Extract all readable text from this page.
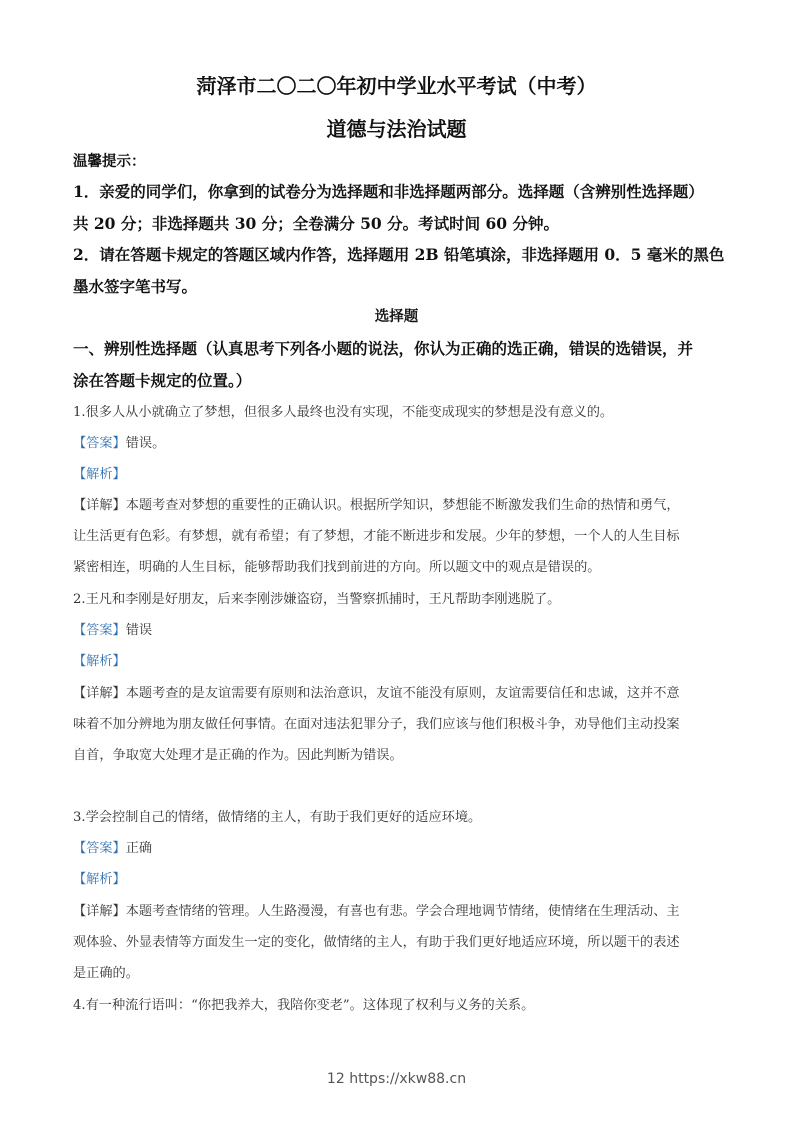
菏泽市二〇二〇年初中学业水平考试（中考）
道德与法治试题
温馨提示：
1．亲爱的同学们，你拿到的试卷分为选择题和非选择题两部分。选择题（含辨别性选择题）
共 20 分；非选择题共 30 分；全卷满分 50 分。考试时间 60 分钟。
2．请在答题卡规定的答题区域内作答，选择题用 2B 铅笔填涂，非选择题用 0．5 毫米的黑色
墨水签字笔书写。
选择题
一、辨别性选择题（认真思考下列各小题的说法，你认为正确的选正确，错误的选错误，并
涂在答题卡规定的位置。）
1.很多人从小就确立了梦想，但很多人最终也没有实现，不能变成现实的梦想是没有意义的。
【答案】错误。
【解析】
【详解】本题考查对梦想的重要性的正确认识。根据所学知识，梦想能不断激发我们生命的热情和勇气，
让生活更有色彩。有梦想，就有希望；有了梦想，才能不断进步和发展。少年的梦想，一个人的人生目标
紧密相连，明确的人生目标，能够帮助我们找到前进的方向。所以题文中的观点是错误的。
2.王凡和李刚是好朋友，后来李刚涉嫌盗窃，当警察抓捕时，王凡帮助李刚逃脱了。
【答案】错误
【解析】
【详解】本题考查的是友谊需要有原则和法治意识，友谊不能没有原则，友谊需要信任和忠诚，这并不意
味着不加分辨地为朋友做任何事情。在面对违法犯罪分子，我们应该与他们积极斗争，劝导他们主动投案
自首，争取宽大处理才是正确的作为。因此判断为错误。
3.学会控制自己的情绪，做情绪的主人，有助于我们更好的适应环境。
【答案】正确
【解析】
【详解】本题考查情绪的管理。人生路漫漫，有喜也有悲。学会合理地调节情绪，使情绪在生理活动、主
观体验、外显表情等方面发生一定的变化，做情绪的主人，有助于我们更好地适应环境，所以题干的表述
是正确的。
4.有一种流行语叫：“你把我养大，我陪你变老”。这体现了权利与义务的关系。
12 https://xkw88.cn
